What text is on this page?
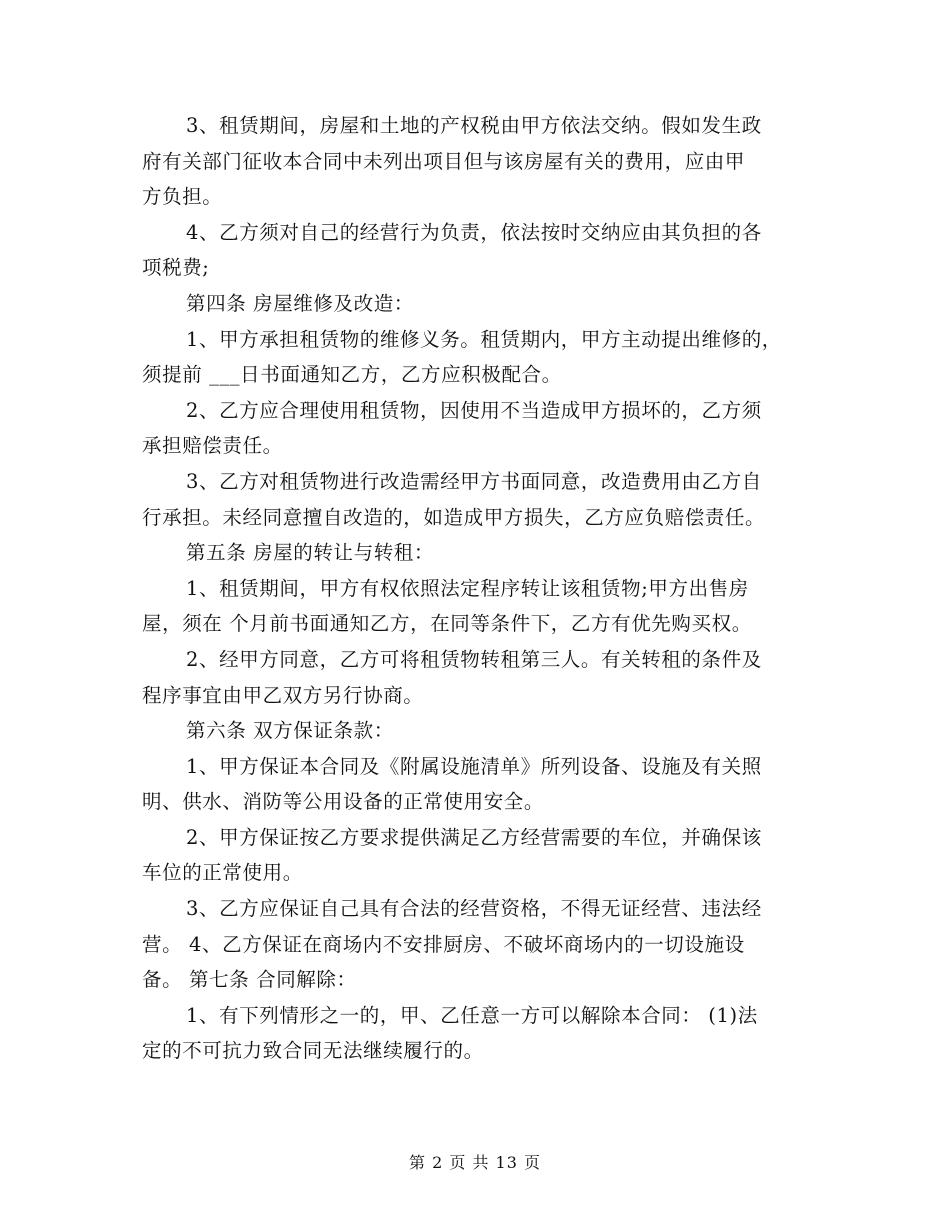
3、租赁期间，房屋和土地的产权税由甲方依法交纳。假如发生政
府有关部门征收本合同中未列出项目但与该房屋有关的费用，应由甲
方负担。
4、乙方须对自己的经营行为负责，依法按时交纳应由其负担的各
项税费;
第四条 房屋维修及改造：
1、甲方承担租赁物的维修义务。租赁期内，甲方主动提出维修的，
须提前 ___日书面通知乙方，乙方应积极配合。
2、乙方应合理使用租赁物，因使用不当造成甲方损坏的，乙方须
承担赔偿责任。
3、乙方对租赁物进行改造需经甲方书面同意，改造费用由乙方自
行承担。未经同意擅自改造的，如造成甲方损失，乙方应负赔偿责任。
第五条 房屋的转让与转租：
1、租赁期间，甲方有权依照法定程序转让该租赁物;甲方出售房
屋，须在 个月前书面通知乙方，在同等条件下，乙方有优先购买权。
2、经甲方同意，乙方可将租赁物转租第三人。有关转租的条件及
程序事宜由甲乙双方另行协商。
第六条 双方保证条款：
1、甲方保证本合同及《附属设施清单》所列设备、设施及有关照
明、供水、消防等公用设备的正常使用安全。
2、甲方保证按乙方要求提供满足乙方经营需要的车位，并确保该
车位的正常使用。
3、乙方应保证自己具有合法的经营资格，不得无证经营、违法经
营。 4、乙方保证在商场内不安排厨房、不破坏商场内的一切设施设
备。 第七条 合同解除：
1、有下列情形之一的，甲、乙任意一方可以解除本合同： (1)法
定的不可抗力致合同无法继续履行的。
第 2 页 共 13 页
